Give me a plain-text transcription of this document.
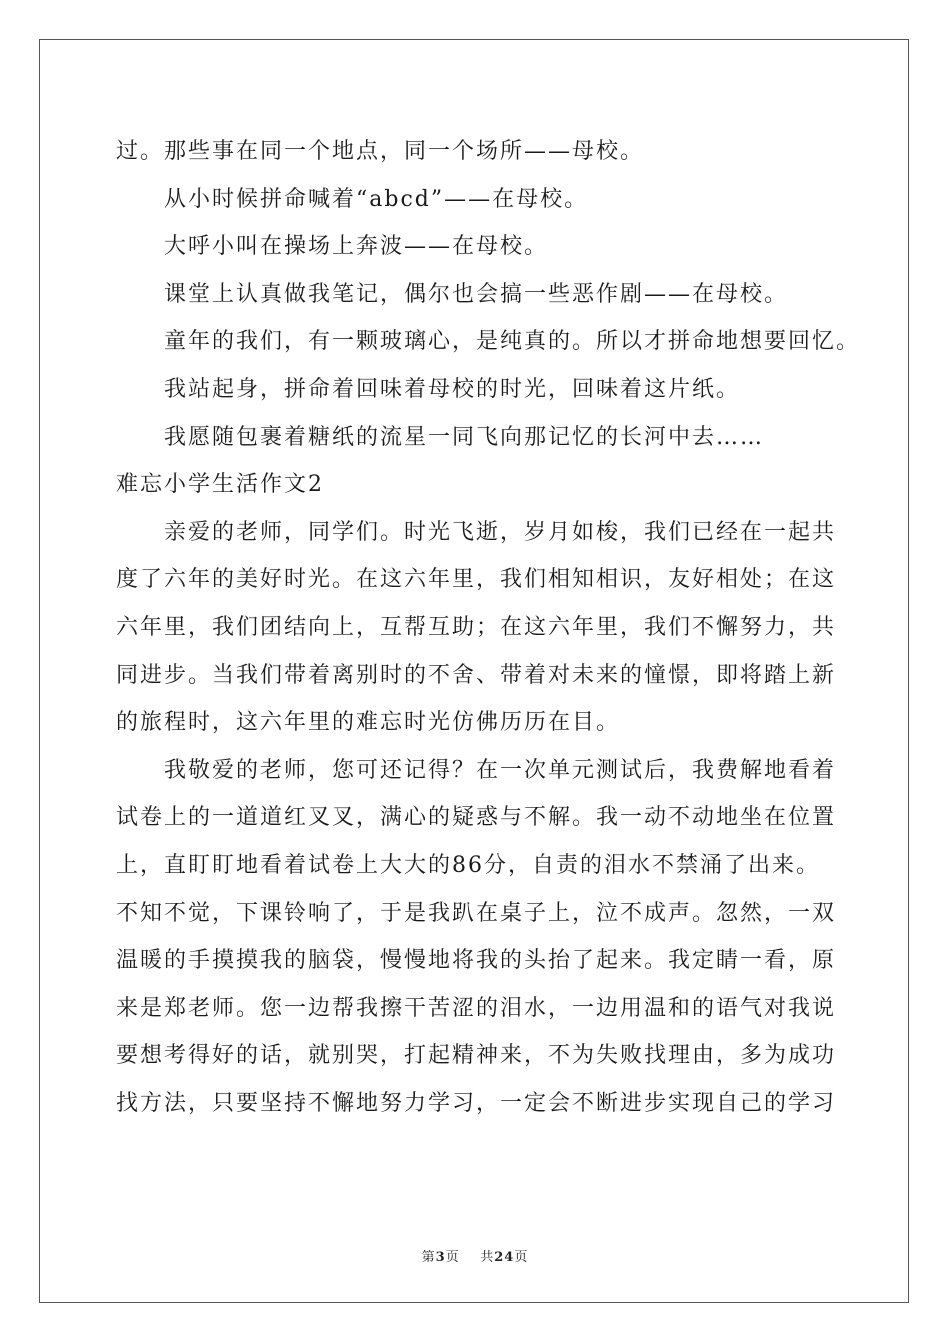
过。那些事在同一个地点，同一个场所——母校。
从小时候拼命喊着“abcd”——在母校。
大呼小叫在操场上奔波——在母校。
课堂上认真做我笔记，偶尔也会搞一些恶作剧——在母校。
童年的我们，有一颗玻璃心，是纯真的。所以才拼命地想要回忆。
我站起身，拼命着回味着母校的时光，回味着这片纸。
我愿随包裹着糖纸的流星一同飞向那记忆的长河中去……
难忘小学生活作文2
亲爱的老师，同学们。时光飞逝，岁月如梭，我们已经在一起共
度了六年的美好时光。在这六年里，我们相知相识，友好相处；在这
六年里，我们团结向上，互帮互助；在这六年里，我们不懈努力，共
同进步。当我们带着离别时的不舍、带着对未来的憧憬，即将踏上新
的旅程时，这六年里的难忘时光仿佛历历在目。
我敬爱的老师，您可还记得？在一次单元测试后，我费解地看着
试卷上的一道道红叉叉，满心的疑惑与不解。我一动不动地坐在位置
上，直盯盯地看着试卷上大大的86分，自责的泪水不禁涌了出来。
不知不觉，下课铃响了，于是我趴在桌子上，泣不成声。忽然，一双
温暖的手摸摸我的脑袋，慢慢地将我的头抬了起来。我定睛一看，原
来是郑老师。您一边帮我擦干苦涩的泪水，一边用温和的语气对我说
要想考得好的话，就别哭，打起精神来，不为失败找理由，多为成功
找方法，只要坚持不懈地努力学习，一定会不断进步实现自己的学习
第3页 共24页
